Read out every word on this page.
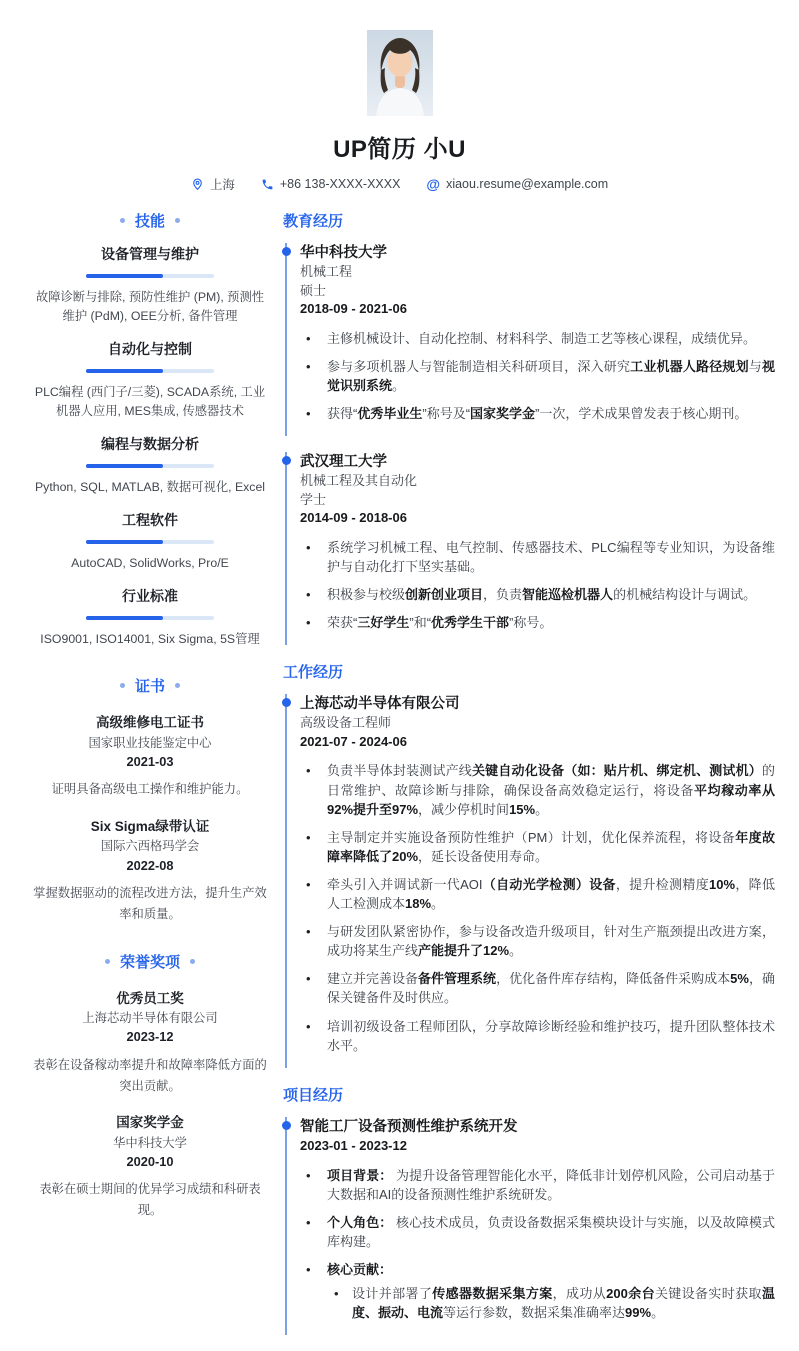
UP简历 小U
上海	+86 138-XXXX-XXXX @ xiaou.resume@example.com
技能
设备管理与维护
故障诊断与排除, 预防性维护 (PM), 预测性维护 (PdM), OEE分析, 备件管理
自动化与控制
PLC编程 (西门子/三菱), SCADA系统, 工业机器人应用, MES集成, 传感器技术
编程与数据分析
Python, SQL, MATLAB, 数据可视化, Excel
工程软件
AutoCAD, SolidWorks, Pro/E
行业标准
ISO9001, ISO14001, Six Sigma, 5S管理
证书
高级维修电工证书
国家职业技能鉴定中心
2021-03
证明具备高级电工操作和维护能力。
Six Sigma绿带认证
国际六西格玛学会
2022-08
掌握数据驱动的流程改进方法，提升生产效率和质量。
荣誉奖项
优秀员工奖
上海芯动半导体有限公司
2023-12
表彰在设备稼动率提升和故障率降低方面的突出贡献。
国家奖学金
华中科技大学
2020-10
表彰在硕士期间的优异学习成绩和科研表现。
教育经历
华中科技大学
机械工程
硕士
2018-09 - 2021-06
• 主修机械设计、自动化控制、材料科学、制造工艺等核心课程，成绩优异。
• 参与多项机器人与智能制造相关科研项目，深入研究工业机器人路径规划与视觉识别系统。
• 获得“优秀毕业生”称号及“国家奖学金”一次，学术成果曾发表于核心期刊。
武汉理工大学
机械工程及其自动化
学士
2014-09 - 2018-06
• 系统学习机械工程、电气控制、传感器技术、PLC编程等专业知识，为设备维护与自动化打下坚实基础。
• 积极参与校级创新创业项目，负责智能巡检机器人的机械结构设计与调试。
• 荣获“三好学生”和“优秀学生干部”称号。
工作经历
上海芯动半导体有限公司
高级设备工程师
2021-07 - 2024-06
• 负责半导体封装测试产线关键自动化设备（如：贴片机、绑定机、测试机）的日常维护、故障诊断与排除，确保设备高效稳定运行，将设备平均稼动率从92%提升至97%，减少停机时间15%。
• 主导制定并实施设备预防性维护（PM）计划，优化保养流程，将设备年度故障率降低了20%，延长设备使用寿命。
• 牵头引入并调试新一代AOI（自动光学检测）设备，提升检测精度10%，降低人工检测成本18%。
• 与研发团队紧密协作，参与设备改造升级项目，针对生产瓶颈提出改进方案，成功将某生产线产能提升了12%。
• 建立并完善设备备件管理系统，优化备件库存结构，降低备件采购成本5%，确保关键备件及时供应。
• 培训初级设备工程师团队，分享故障诊断经验和维护技巧，提升团队整体技术水平。
项目经历
智能工厂设备预测性维护系统开发
2023-01 - 2023-12
• 项目背景： 为提升设备管理智能化水平，降低非计划停机风险，公司启动基于大数据和AI的设备预测性维护系统研发。
• 个人角色： 核心技术成员，负责设备数据采集模块设计与实施，以及故障模式库构建。
• 核心贡献：
• 设计并部署了传感器数据采集方案，成功从200余台关键设备实时获取温度、振动、电流等运行参数，数据采集准确率达99%。
